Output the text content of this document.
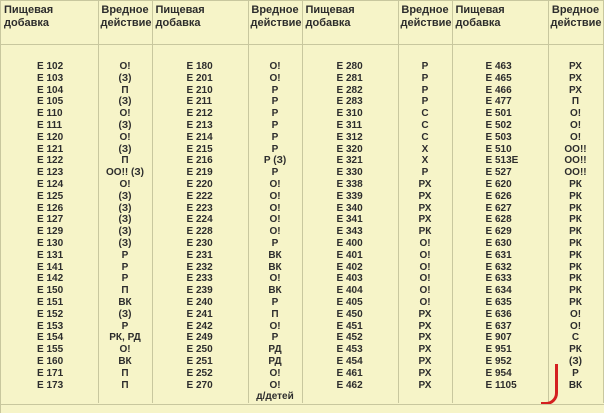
Пищевая добавка	Вредное действие	Пищевая добавка	Вредное действие	Пищевая добавка	Вредное действие	Пищевая добавка	Вредное действие

E 102	О!	E 180	О!	E 280	Р	E 463	РХ
E 103	(З)	E 201	О!	E 281	Р	E 465	РХ
E 104	П	E 210	Р	E 282	Р	E 466	РХ
E 105	(З)	E 211	Р	E 283	Р	E 477	П
E 110	О!	E 212	Р	E 310	С	E 501	О!
E 111	(З)	E 213	Р	E 311	С	E 502	О!
E 120	О!	E 214	Р	E 312	С	E 503	О!
E 121	(З)	E 215	Р	E 320	Х	E 510	ОО!!
E 122	П	E 216	Р (З)	E 321	Х	E 513E	ОО!!
E 123	ОО!! (З)	E 219	Р	E 330	Р	E 527	ОО!!
E 124	О!	E 220	О!	E 338	РХ	E 620	РК
E 125	(З)	E 222	О!	E 339	РХ	E 626	РК
E 126	(З)	E 223	О!	E 340	РХ	E 627	РК
E 127	(З)	E 224	О!	E 341	РХ	E 628	РК
E 129	(З)	E 228	О!	E 343	РК	E 629	РК
E 130	(З)	E 230	Р	E 400	О!	E 630	РК
E 131	Р	E 231	ВК	E 401	О!	E 631	РК
E 141	Р	E 232	ВК	E 402	О!	E 632	РК
E 142	Р	E 233	О!	E 403	О!	E 633	РК
E 150	П	E 239	ВК	E 404	О!	E 634	РК
E 151	ВК	E 240	Р	E 405	О!	E 635	РК
E 152	(З)	E 241	П	E 450	РХ	E 636	О!
E 153	Р	E 242	О!	E 451	РХ	E 637	О!
E 154	РК, РД	E 249	Р	E 452	РХ	E 907	С
E 155	О!	E 250	РД	E 453	РХ	E 951	РК
E 160	ВК	E 251	РД	E 454	РХ	E 952	(З)
E 171	П	E 252	О!	E 461	РХ	E 954	Р
E 173	П	E 270	О!	E 462	РХ	E 1105	ВК
			д/детей				
